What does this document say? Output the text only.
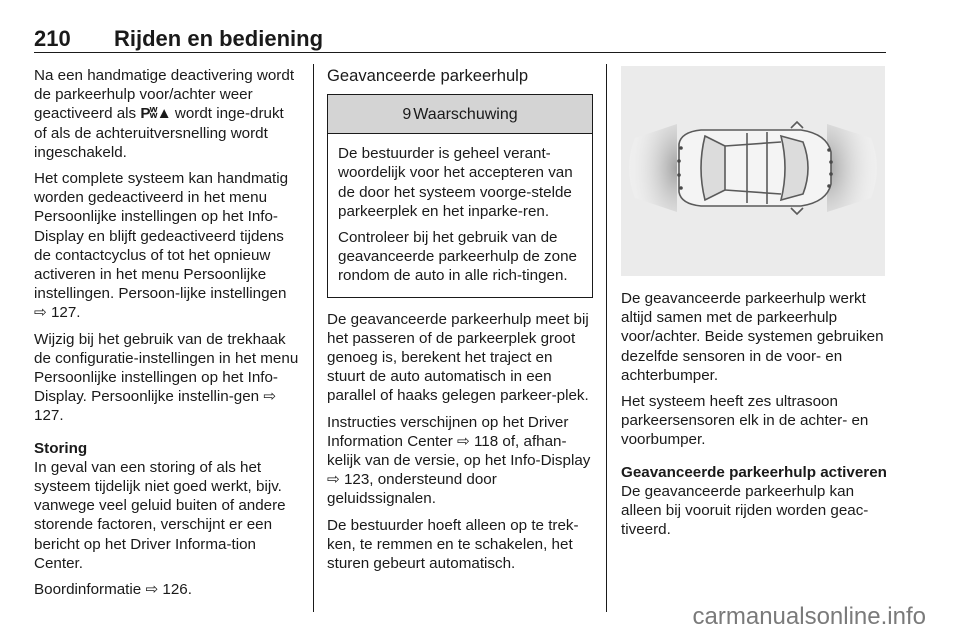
210 Rijden en bediening

Na een handmatige deactivering wordt de parkeerhulp voor/achter weer geactiveerd als Pʬ▲ wordt inge-drukt of als de achteruitversnelling wordt ingeschakeld.

Het complete systeem kan handmatig worden gedeactiveerd in het menu Persoonlijke instellingen op het Info-Display en blijft gedeactiveerd tijdens de contactcyclus of tot het opnieuw activeren in het menu Persoonlijke instellingen. Persoon-lijke instellingen ⇨ 127.

Wijzig bij het gebruik van de trekhaak de configuratie-instellingen in het menu Persoonlijke instellingen op het Info-Display. Persoonlijke instellin-gen ⇨ 127.

Storing

In geval van een storing of als het systeem tijdelijk niet goed werkt, bijv. vanwege veel geluid buiten of andere storende factoren, verschijnt er een bericht op het Driver Informa-tion Center.

Boordinformatie ⇨ 126.

Geavanceerde parkeerhulp
9 Waarschuwing

De bestuurder is geheel verant-woordelijk voor het accepteren van de door het systeem voorge-stelde parkeerplek en het inparke-ren.

Controleer bij het gebruik van de geavanceerde parkeerhulp de zone rondom de auto in alle rich-tingen.

De geavanceerde parkeerhulp meet bij het passeren of de parkeerplek groot genoeg is, berekent het traject en stuurt de auto automatisch in een parallel of haaks gelegen parkeer-plek.

Instructies verschijnen op het Driver Information Center ⇨ 118 of, afhan-kelijk van de versie, op het Info-Display ⇨ 123, ondersteund door geluidssignalen.

De bestuurder hoeft alleen op te trek-ken, te remmen en te schakelen, het sturen gebeurt automatisch.

De geavanceerde parkeerhulp werkt altijd samen met de parkeerhulp voor/achter. Beide systemen gebruiken dezelfde sensoren in de voor- en achterbumper.

Het systeem heeft zes ultrasoon parkeersensoren elk in de achter- en voorbumper.

Geavanceerde parkeerhulp activeren

De geavanceerde parkeerhulp kan alleen bij vooruit rijden worden geac-tiveerd.

carmanualsonline.info
